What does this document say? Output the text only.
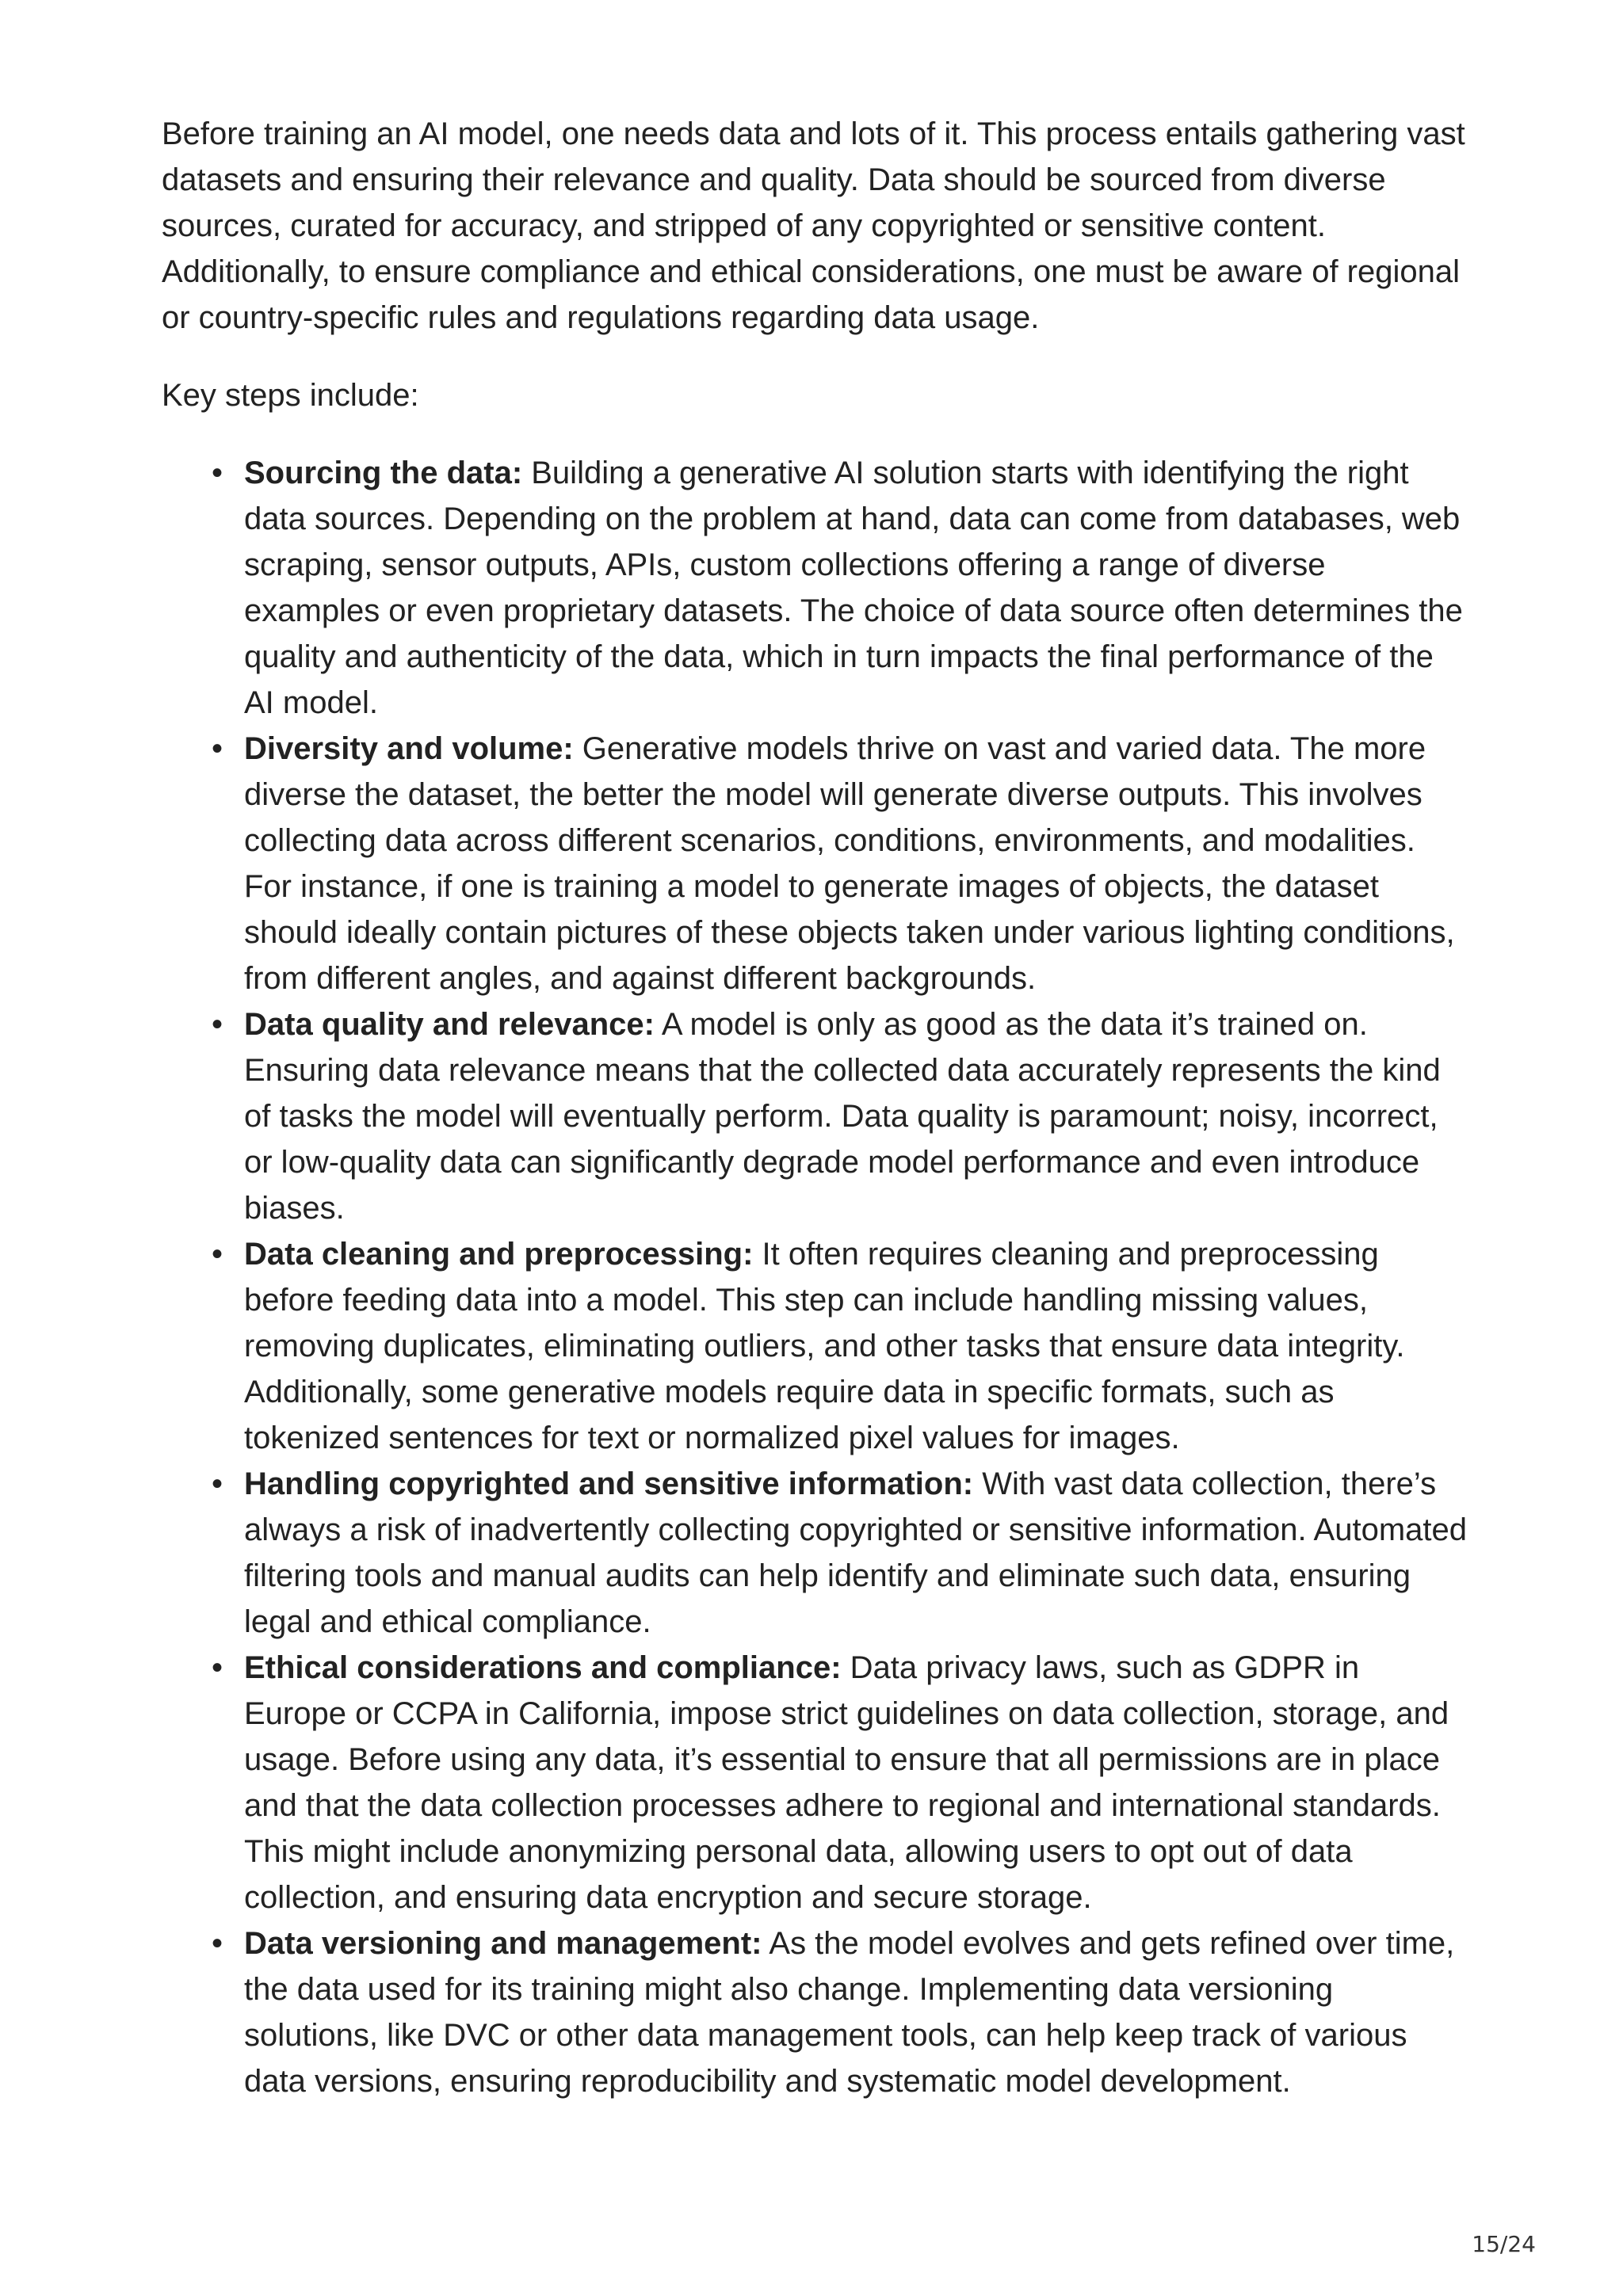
Before training an AI model, one needs data and lots of it. This process entails gathering vast datasets and ensuring their relevance and quality. Data should be sourced from diverse sources, curated for accuracy, and stripped of any copyrighted or sensitive content. Additionally, to ensure compliance and ethical considerations, one must be aware of regional or country-specific rules and regulations regarding data usage.

Key steps include:

• Sourcing the data: Building a generative AI solution starts with identifying the right data sources. Depending on the problem at hand, data can come from databases, web scraping, sensor outputs, APIs, custom collections offering a range of diverse examples or even proprietary datasets. The choice of data source often determines the quality and authenticity of the data, which in turn impacts the final performance of the AI model.
• Diversity and volume: Generative models thrive on vast and varied data. The more diverse the dataset, the better the model will generate diverse outputs. This involves collecting data across different scenarios, conditions, environments, and modalities. For instance, if one is training a model to generate images of objects, the dataset should ideally contain pictures of these objects taken under various lighting conditions, from different angles, and against different backgrounds.
• Data quality and relevance: A model is only as good as the data it’s trained on. Ensuring data relevance means that the collected data accurately represents the kind of tasks the model will eventually perform. Data quality is paramount; noisy, incorrect, or low-quality data can significantly degrade model performance and even introduce biases.
• Data cleaning and preprocessing: It often requires cleaning and preprocessing before feeding data into a model. This step can include handling missing values, removing duplicates, eliminating outliers, and other tasks that ensure data integrity. Additionally, some generative models require data in specific formats, such as tokenized sentences for text or normalized pixel values for images.
• Handling copyrighted and sensitive information: With vast data collection, there’s always a risk of inadvertently collecting copyrighted or sensitive information. Automated filtering tools and manual audits can help identify and eliminate such data, ensuring legal and ethical compliance.
• Ethical considerations and compliance: Data privacy laws, such as GDPR in Europe or CCPA in California, impose strict guidelines on data collection, storage, and usage. Before using any data, it’s essential to ensure that all permissions are in place and that the data collection processes adhere to regional and international standards. This might include anonymizing personal data, allowing users to opt out of data collection, and ensuring data encryption and secure storage.
• Data versioning and management: As the model evolves and gets refined over time, the data used for its training might also change. Implementing data versioning solutions, like DVC or other data management tools, can help keep track of various data versions, ensuring reproducibility and systematic model development.
15/24
